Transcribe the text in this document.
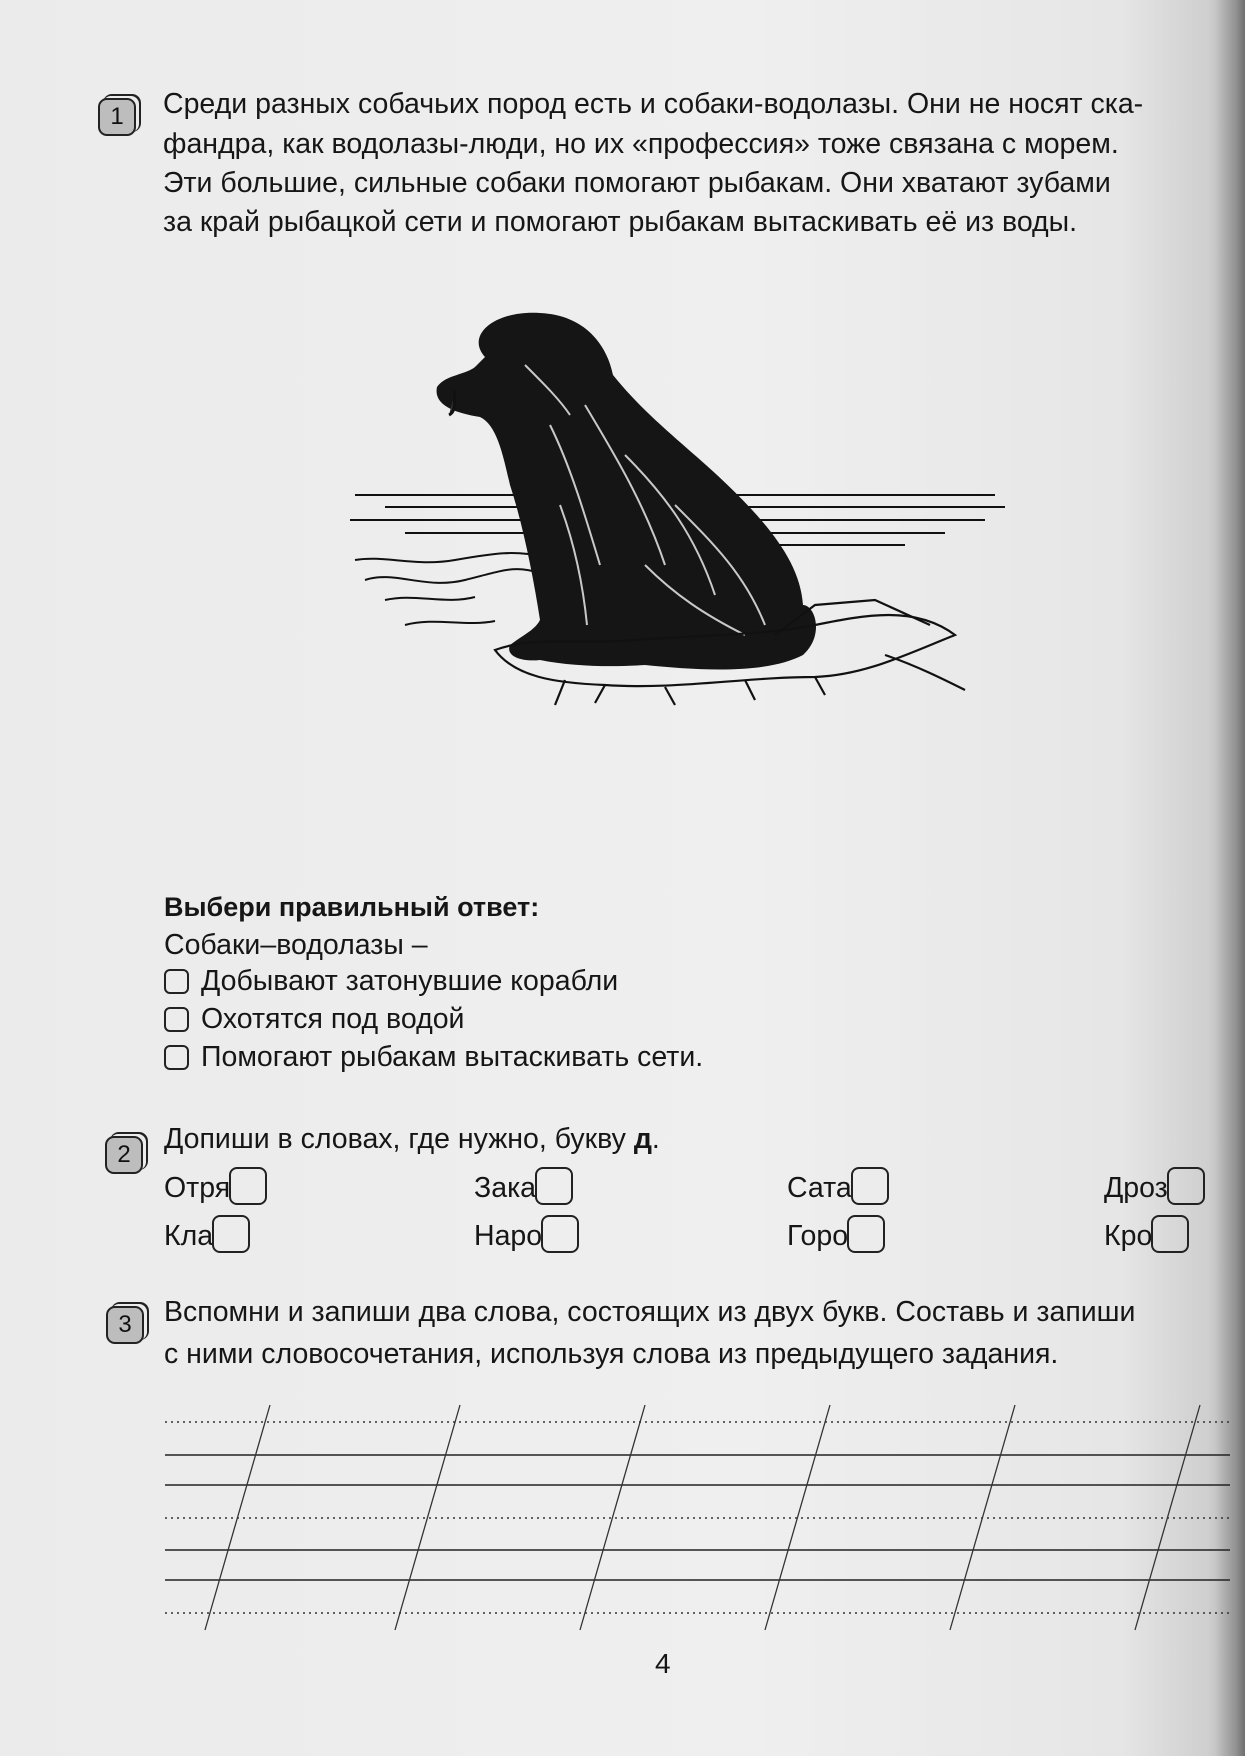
1	Среди разных собачьих пород есть и собаки-водолазы. Они не носят ска-
фандра, как водолазы-люди, но их «профессия» тоже связана с морем.
Эти большие, сильные собаки помогают рыбакам. Они хватают зубами
за край рыбацкой сети и помогают рыбакам вытаскивать её из воды.
Выбери правильный ответ:
Собаки–водолазы –
Добывают затонувшие корабли
Охотятся под водой
Помогают рыбакам вытаскивать сети.
2	Допиши в словах, где нужно, букву д.
Отря	Зака	Сата	Дроз
Кла	Наро	Горо	Кро
3	Вспомни и запиши два слова, состоящих из двух букв. Составь и запиши
с ними словосочетания, используя слова из предыдущего задания.
4
